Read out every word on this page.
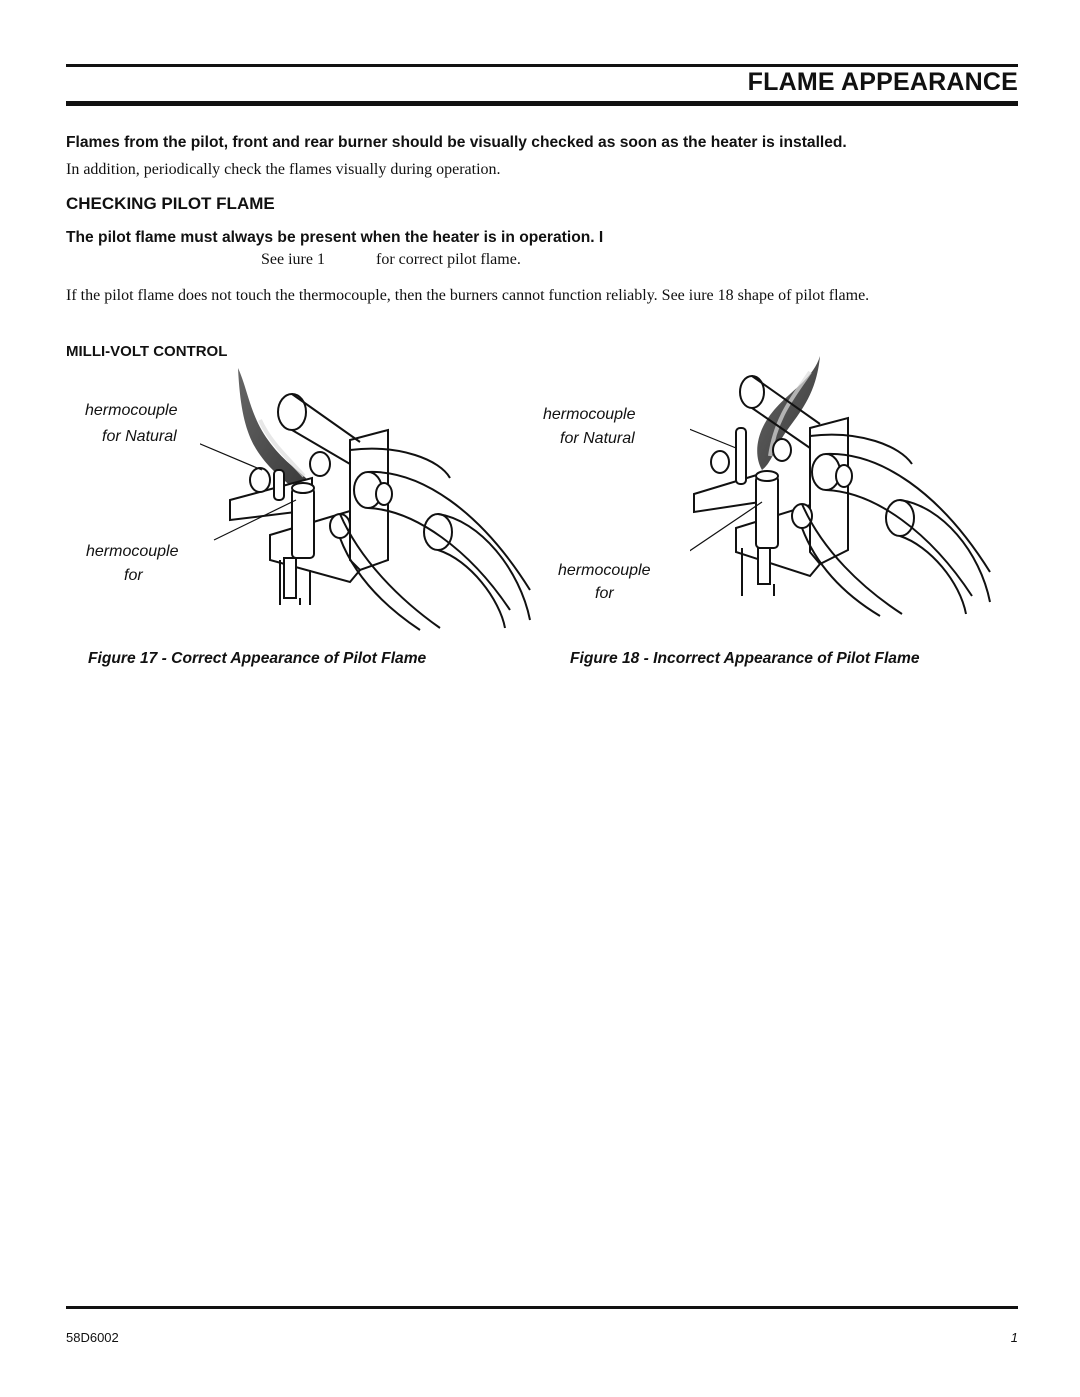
FLAME APPEARANCE
Flames from the pilot, front and rear burner should be visually checked as soon as the heater is installed.
In addition, periodically check the flames visually during operation.
CHECKING PILOT FLAME
The pilot flame must always be present when the heater is in operation. I
See iure 1	for correct pilot flame.
If the pilot flame does not touch the thermocouple, then the burners cannot function reliably. See iure 18 shape of pilot flame.
MILLI-VOLT CONTROL
hermocouple
for Natural
hermocouple
for
Figure 17 - Correct Appearance of Pilot Flame
hermocouple
for Natural
hermocouple
for
Figure 18 - Incorrect Appearance of Pilot Flame
58D6002	1
